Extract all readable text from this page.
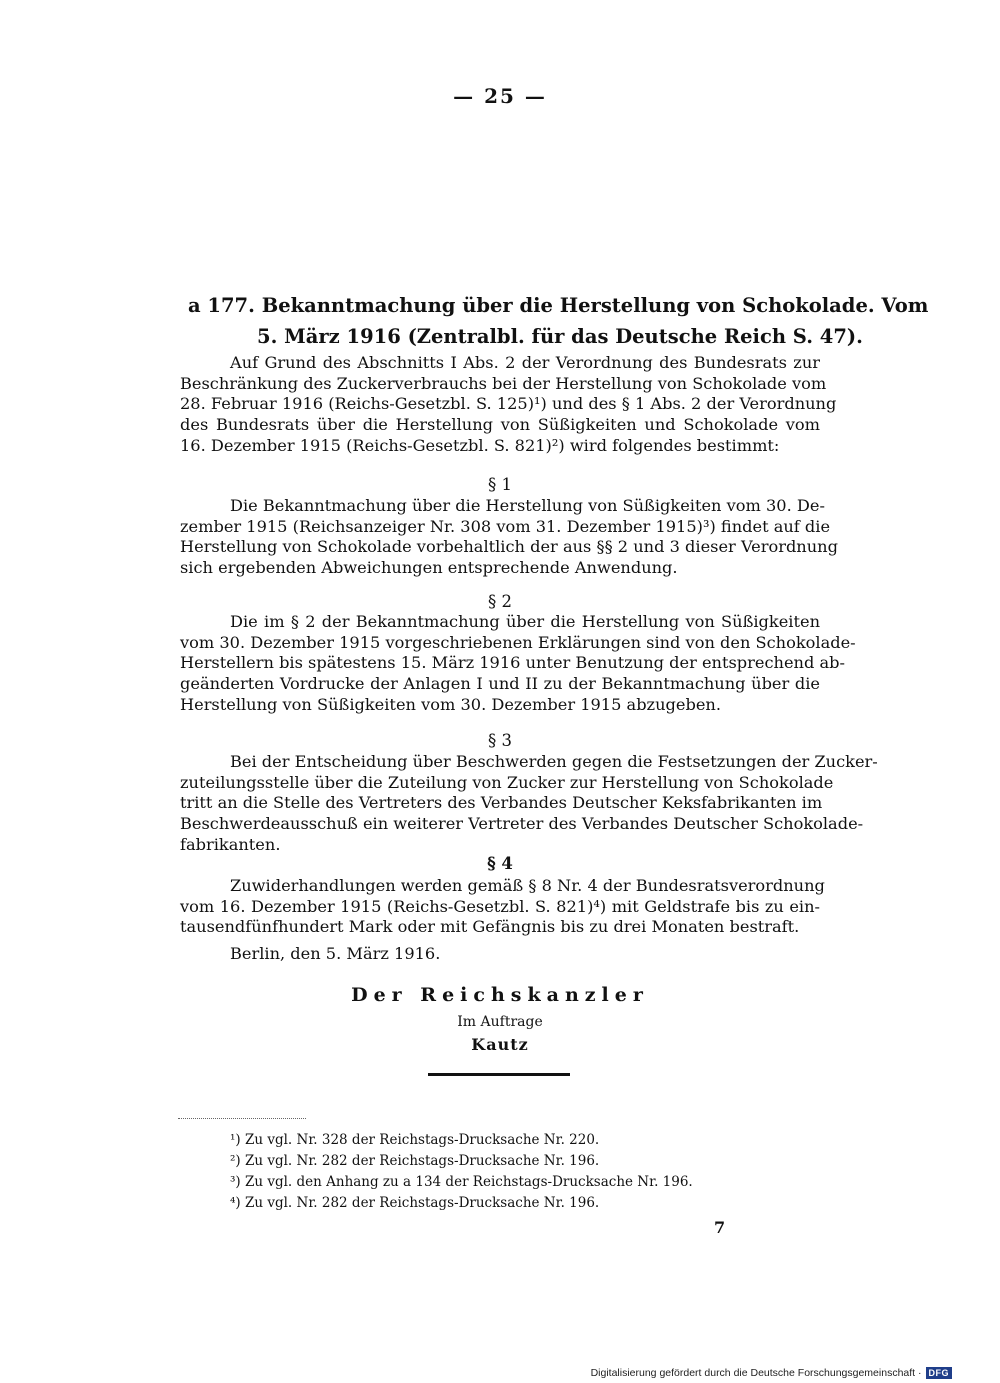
— 25 —
a 177. Bekanntmachung über die Herstellung von Schokolade. Vom
5. März 1916 (Zentralbl. für das Deutsche Reich S. 47).
Auf Grund des Abschnitts I Abs. 2 der Verordnung des Bundesrats zur
Beschränkung des Zuckerverbrauchs bei der Herstellung von Schokolade vom
28. Februar 1916 (Reichs-Gesetzbl. S. 125)¹) und des § 1 Abs. 2 der Verordnung
des Bundesrats über die Herstellung von Süßigkeiten und Schokolade vom
16. Dezember 1915 (Reichs-Gesetzbl. S. 821)²) wird folgendes bestimmt:
§ 1
Die Bekanntmachung über die Herstellung von Süßigkeiten vom 30. De-
zember 1915 (Reichsanzeiger Nr. 308 vom 31. Dezember 1915)³) findet auf die
Herstellung von Schokolade vorbehaltlich der aus §§ 2 und 3 dieser Verordnung
sich ergebenden Abweichungen entsprechende Anwendung.
§ 2
Die im § 2 der Bekanntmachung über die Herstellung von Süßigkeiten
vom 30. Dezember 1915 vorgeschriebenen Erklärungen sind von den Schokolade-
Herstellern bis spätestens 15. März 1916 unter Benutzung der entsprechend ab-
geänderten Vordrucke der Anlagen I und II zu der Bekanntmachung über die
Herstellung von Süßigkeiten vom 30. Dezember 1915 abzugeben.
§ 3
Bei der Entscheidung über Beschwerden gegen die Festsetzungen der Zucker-
zuteilungsstelle über die Zuteilung von Zucker zur Herstellung von Schokolade
tritt an die Stelle des Vertreters des Verbandes Deutscher Keksfabrikanten im
Beschwerdeausschuß ein weiterer Vertreter des Verbandes Deutscher Schokolade-
fabrikanten.
§ 4
Zuwiderhandlungen werden gemäß § 8 Nr. 4 der Bundesratsverordnung
vom 16. Dezember 1915 (Reichs-Gesetzbl. S. 821)⁴) mit Geldstrafe bis zu ein-
tausendfünfhundert Mark oder mit Gefängnis bis zu drei Monaten bestraft.
Berlin, den 5. März 1916.
Der Reichskanzler
Im Auftrage
Kautz
¹) Zu vgl. Nr. 328 der Reichstags-Drucksache Nr. 220.
²) Zu vgl. Nr. 282 der Reichstags-Drucksache Nr. 196.
³) Zu vgl. den Anhang zu a 134 der Reichstags-Drucksache Nr. 196.
⁴) Zu vgl. Nr. 282 der Reichstags-Drucksache Nr. 196.
7
Digitalisierung gefördert durch die Deutsche Forschungsgemeinschaft · DFG
